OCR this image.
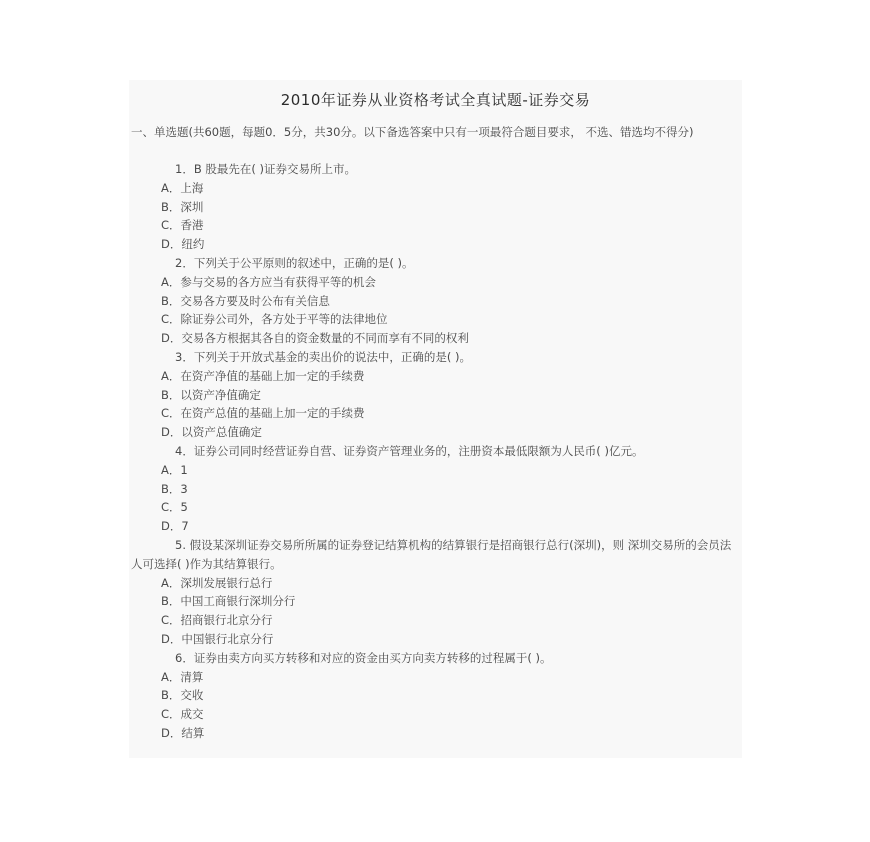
2010年证券从业资格考试全真试题-证券交易
一、单选题(共60题，每题0．5分，共30分。以下备选答案中只有一项最符合题目要求， 不选、错选均不得分)
1．B 股最先在( )证券交易所上市。
A．上海
B．深圳
C．香港
D．纽约
2．下列关于公平原则的叙述中，正确的是( )。
A．参与交易的各方应当有获得平等的机会
B．交易各方要及时公布有关信息
C．除证券公司外，各方处于平等的法律地位
D．交易各方根据其各自的资金数量的不同而享有不同的权利
3．下列关于开放式基金的卖出价的说法中，正确的是( )。
A．在资产净值的基础上加一定的手续费
B．以资产净值确定
C．在资产总值的基础上加一定的手续费
D．以资产总值确定
4．证券公司同时经营证券自营、证券资产管理业务的，注册资本最低限额为人民币( )亿元。
A．1
B．3
C．5
D．7
5. 假设某深圳证券交易所所属的证券登记结算机构的结算银行是招商银行总行(深圳)，则 深圳交易所的会员法人可选择( )作为其结算银行。
A．深圳发展银行总行
B．中国工商银行深圳分行
C．招商银行北京分行
D．中国银行北京分行
6．证券由卖方向买方转移和对应的资金由买方向卖方转移的过程属于( )。
A．清算
B．交收
C．成交
D．结算
